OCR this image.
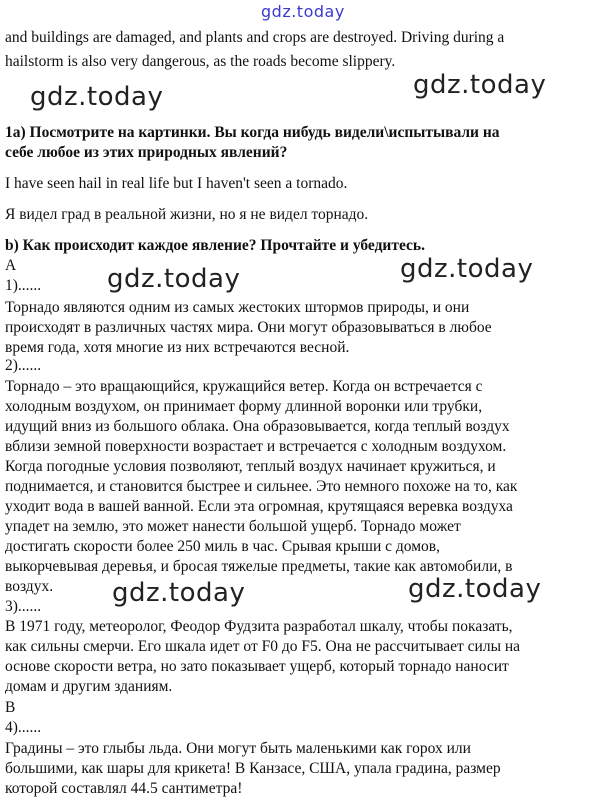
gdz.today
and buildings are damaged, and plants and crops are destroyed. Driving during a
hailstorm is also very dangerous, as the roads become slippery.
gdz.today	gdz.today
1a) Посмотрите на картинки. Вы когда нибудь видели\испытывали на
себе любое из этих природных явлений?
I have seen hail in real life but I haven't seen a tornado.
Я видел град в реальной жизни, но я не видел торнадо.
b) Как происходит каждое явление? Прочтайте и убедитесь.
A	gdz.today	gdz.today
1)......
Торнадо являются одним из самых жестоких штормов природы, и они
происходят в различных частях мира. Они могут образовываться в любое
время года, хотя многие из них встречаются весной.
2)......
Торнадо – это вращающийся, кружащийся ветер. Когда он встречается с
холодным воздухом, он принимает форму длинной воронки или трубки,
идущий вниз из большого облака. Она образовывается, когда теплый воздух
вблизи земной поверхности возрастает и встречается с холодным воздухом.
Когда погодные условия позволяют, теплый воздух начинает кружиться, и
поднимается, и становится быстрее и сильнее. Это немного похоже на то, как
уходит вода в вашей ванной. Если эта огромная, крутящаяся веревка воздуха
упадет на землю, это может нанести большой ущерб. Торнадо может
достигать скорости более 250 миль в час. Срывая крыши с домов,
выкорчевывая деревья, и бросая тяжелые предметы, такие как автомобили, в
воздух. gdz.today	gdz.today
3)......
В 1971 году, метеоролог, Феодор Фудзита разработал шкалу, чтобы показать,
как сильны смерчи. Его шкала идет от F0 до F5. Она не рассчитывает силы на
основе скорости ветра, но зато показывает ущерб, который торнадо наносит
домам и другим зданиям.
B
4)......
Градины – это глыбы льда. Они могут быть маленькими как горох или
большими, как шары для крикета! В Канзасе, США, упала градина, размер
которой составлял 44.5 сантиметра!
